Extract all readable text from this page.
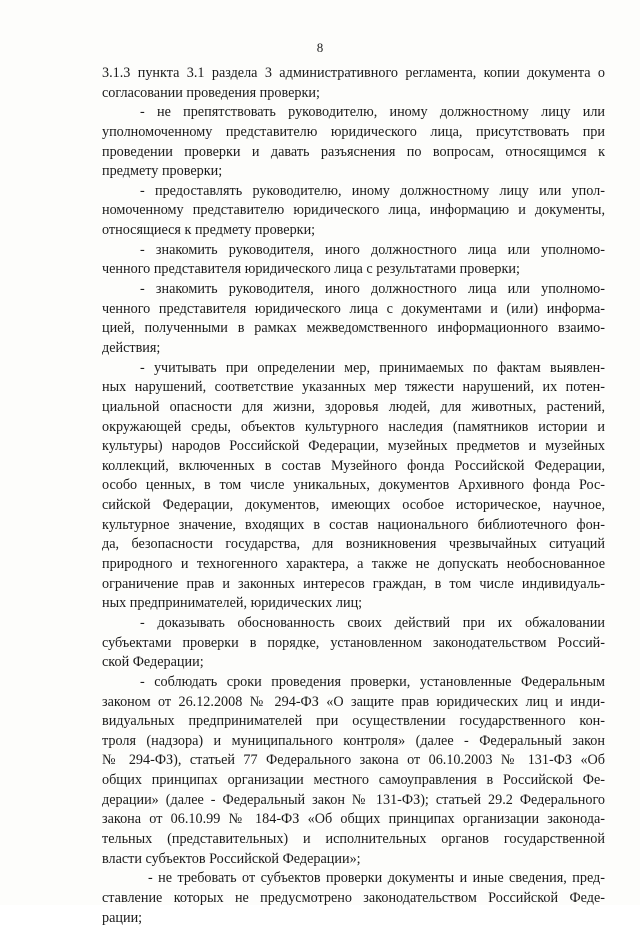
8
3.1.3 пункта 3.1 раздела 3 административного регламента, копии документа о
согласовании проведения проверки;
- не препятствовать руководителю, иному должностному лицу или
уполномоченному представителю юридического лица, присутствовать при
проведении проверки и давать разъяснения по вопросам, относящимся к
предмету проверки;
- предоставлять руководителю, иному должностному лицу или упол-
номоченному представителю юридического лица, информацию и документы,
относящиеся к предмету проверки;
- знакомить руководителя, иного должностного лица или уполномо-
ченного представителя юридического лица с результатами проверки;
- знакомить руководителя, иного должностного лица или уполномо-
ченного представителя юридического лица с документами и (или) информа-
цией, полученными в рамках межведомственного информационного взаимо-
действия;
- учитывать при определении мер, принимаемых по фактам выявлен-
ных нарушений, соответствие указанных мер тяжести нарушений, их потен-
циальной опасности для жизни, здоровья людей, для животных, растений,
окружающей среды, объектов культурного наследия (памятников истории и
культуры) народов Российской Федерации, музейных предметов и музейных
коллекций, включенных в состав Музейного фонда Российской Федерации,
особо ценных, в том числе уникальных, документов Архивного фонда Рос-
сийской Федерации, документов, имеющих особое историческое, научное,
культурное значение, входящих в состав национального библиотечного фон-
да, безопасности государства, для возникновения чрезвычайных ситуаций
природного и техногенного характера, а также не допускать необоснованное
ограничение прав и законных интересов граждан, в том числе индивидуаль-
ных предпринимателей, юридических лиц;
- доказывать обоснованность своих действий при их обжаловании
субъектами проверки в порядке, установленном законодательством Россий-
ской Федерации;
- соблюдать сроки проведения проверки, установленные Федеральным
законом от 26.12.2008 № 294-ФЗ «О защите прав юридических лиц и инди-
видуальных предпринимателей при осуществлении государственного кон-
троля (надзора) и муниципального контроля» (далее - Федеральный закон
№ 294-ФЗ), статьей 77 Федерального закона от 06.10.2003 № 131-ФЗ «Об
общих принципах организации местного самоуправления в Российской Фе-
дерации» (далее - Федеральный закон № 131-ФЗ); статьей 29.2 Федерального
закона от 06.10.99 № 184-ФЗ «Об общих принципах организации законода-
тельных (представительных) и исполнительных органов государственной
власти субъектов Российской Федерации»;
- не требовать от субъектов проверки документы и иные сведения, пред-
ставление которых не предусмотрено законодательством Российской Феде-
рации;
